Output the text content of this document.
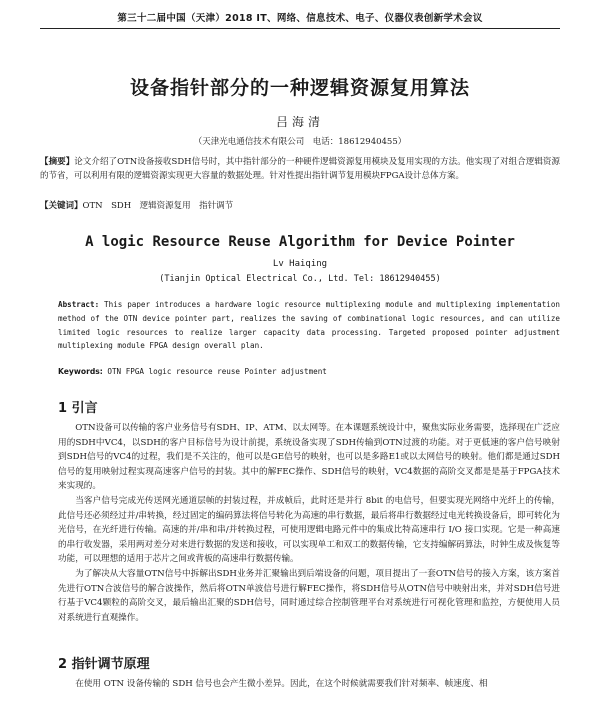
第三十二届中国（天津）2018 IT、网络、信息技术、电子、仪器仪表创新学术会议
设备指针部分的一种逻辑资源复用算法
吕海清
（天津光电通信技术有限公司　电话：18612940455）
【摘要】论文介绍了OTN设备接收SDH信号时，其中指针部分的一种硬件逻辑资源复用模块及复用实现的方法。他实现了对组合逻辑资源的节省，可以利用有限的逻辑资源实现更大容量的数据处理。针对性提出指针调节复用模块FPGA设计总体方案。
【关键词】OTN　SDH　逻辑资源复用　指针调节
A logic Resource Reuse Algorithm for Device Pointer
Lv Haiqing
(Tianjin Optical Electrical Co., Ltd. Tel: 18612940455)
Abstract: This paper introduces a hardware logic resource multiplexing module and multiplexing implementation method of the OTN device pointer part, realizes the saving of combinational logic resources, and can utilize limited logic resources to realize larger capacity data processing. Targeted proposed pointer adjustment multiplexing module FPGA design overall plan.
Keywords: OTN FPGA logic resource reuse Pointer adjustment
1 引言

OTN设备可以传输的客户业务信号有SDH、IP、ATM、以太网等。在本课题系统设计中，聚焦实际业务需要，选择现在广泛应用的SDH中VC4，以SDH的客户目标信号为设计前提，系统设备实现了SDH传输到OTN过渡的功能。对于更低速的客户信号映射到SDH信号的VC4的过程，我们是不关注的，他可以是GE信号的映射，也可以是多路E1或以太网信号的映射。他们都是通过SDH信号的复用映射过程实现高速客户信号的封装。其中的解FEC操作、SDH信号的映射，VC4数据的高阶交叉都是是基于FPGA技术来实现的。

当客户信号完成光传送网光通道层帧的封装过程，并成帧后，此时还是并行 8bit 的电信号，但要实现光网络中光纤上的传输，此信号还必须经过并/串转换，经过固定的编码算法将信号转化为高速的串行数据，最后将串行数据经过电光转换设备后，即可转化为光信号，在光纤进行传输。高速的并/串和串/并转换过程，可使用逻辑电路元件中的集成比特高速串行 I/O 接口实现。它是一种高速的串行收发器，采用两对差分对来进行数据的发送和接收，可以实现单工和双工的数据传输，它支持编解码算法，时钟生成及恢复等功能，可以理想的适用于芯片之间或背板的高速串行数据传输。

为了解决从大容量OTN信号中拆解出SDH业务并汇聚输出到后端设备的问题，项目提出了一套OTN信号的接入方案，该方案首先进行OTN合波信号的解合波操作，然后将OTN单波信号进行解FEC操作，将SDH信号从OTN信号中映射出来，并对SDH信号进行基于VC4颗粒的高阶交叉，最后输出汇聚的SDH信号，同时通过综合控制管理平台对系统进行可视化管理和监控，方便使用人员对系统进行直观操作。

2 指针调节原理

在使用 OTN 设备传输的 SDH 信号也会产生微小差异。因此，在这个时候就需要我们针对频率、帧速度、相
